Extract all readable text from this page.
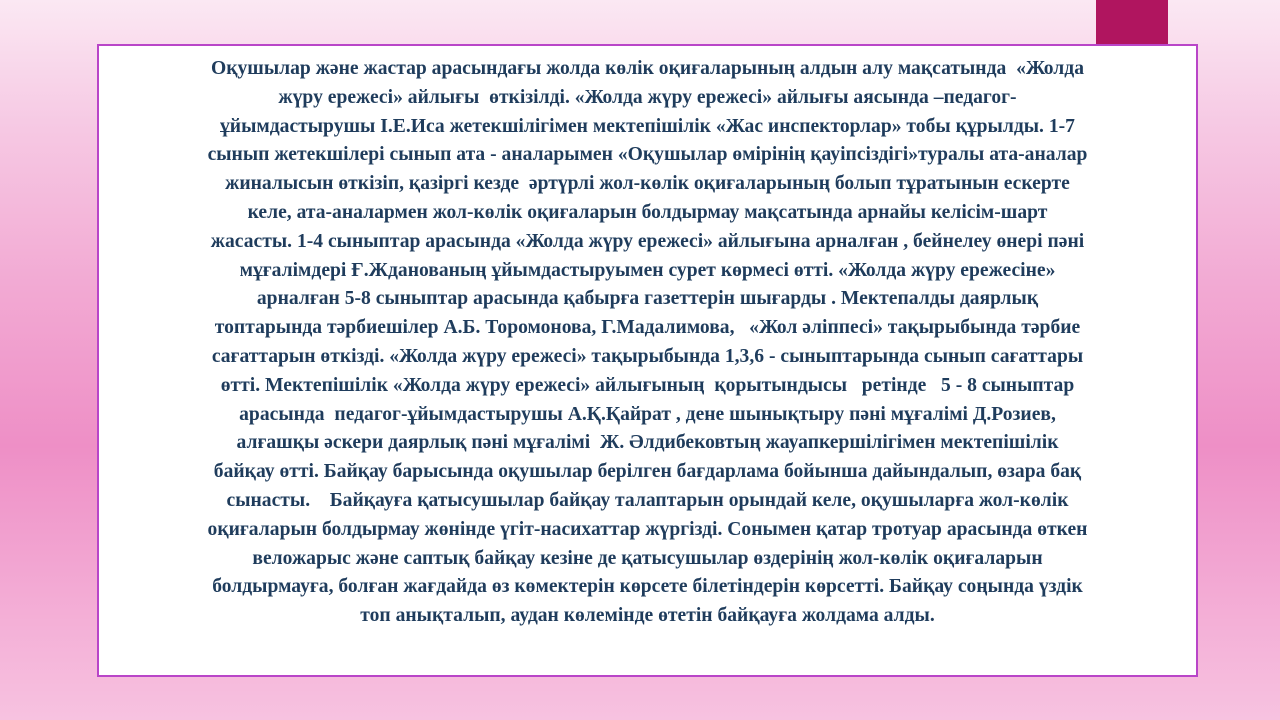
Оқушылар және жастар арасындағы жолда көлік оқиғаларының алдын алу мақсатында  «Жолда
жүру ережесі» айлығы  өткізілді. «Жолда жүру ережесі» айлығы аясында –педагог-
ұйымдастырушы І.Е.Иса жетекшілігімен мектепішілік «Жас инспекторлар» тобы құрылды. 1-7
сынып жетекшілері сынып ата - аналарымен «Оқушылар өмірінің қауіпсіздігі»туралы ата-аналар
жиналысын өткізіп, қазіргі кезде  әртүрлі жол-көлік оқиғаларының болып тұратынын ескерте
келе, ата-аналармен жол-көлік оқиғаларын болдырмау мақсатында арнайы келісім-шарт
жасасты. 1-4 сыныптар арасында «Жолда жүру ережесі» айлығына арналған , бейнелеу өнері пәні
мұғалімдері Ғ.Жданованың ұйымдастыруымен сурет көрмесі өтті. «Жолда жүру ережесіне»
арналған 5-8 сыныптар арасында қабырға газеттерін шығарды . Мектепалды даярлық
топтарында тәрбиешілер А.Б. Торомонова, Г.Мадалимова,   «Жол әліппесі» тақырыбында тәрбие
сағаттарын өткізді. «Жолда жүру ережесі» тақырыбында 1,3,6 - сыныптарында сынып сағаттары
өтті. Мектепішілік «Жолда жүру ережесі» айлығының  қорытындысы   ретінде   5 - 8 сыныптар
арасында  педагог-ұйымдастырушы А.Қ.Қайрат , дене шынықтыру пәні мұғалімі Д.Розиев,
алғашқы әскери даярлық пәні мұғалімі  Ж. Әлдибековтың жауапкершілігімен мектепішілік
байқау өтті. Байқау барысында оқушылар берілген бағдарлама бойынша дайындалып, өзара бақ
сынасты.    Байқауға қатысушылар байқау талаптарын орындай келе, оқушыларға жол-көлік
оқиғаларын болдырмау жөнінде үгіт-насихаттар жүргізді. Сонымен қатар тротуар арасында өткен
веложарыс және саптық байқау кезіне де қатысушылар өздерінің жол-көлік оқиғаларын
болдырмауға, болған жағдайда өз көмектерін көрсете білетіндерін көрсетті. Байқау соңында үздік
топ анықталып, аудан көлемінде өтетін байқауға жолдама алды.
